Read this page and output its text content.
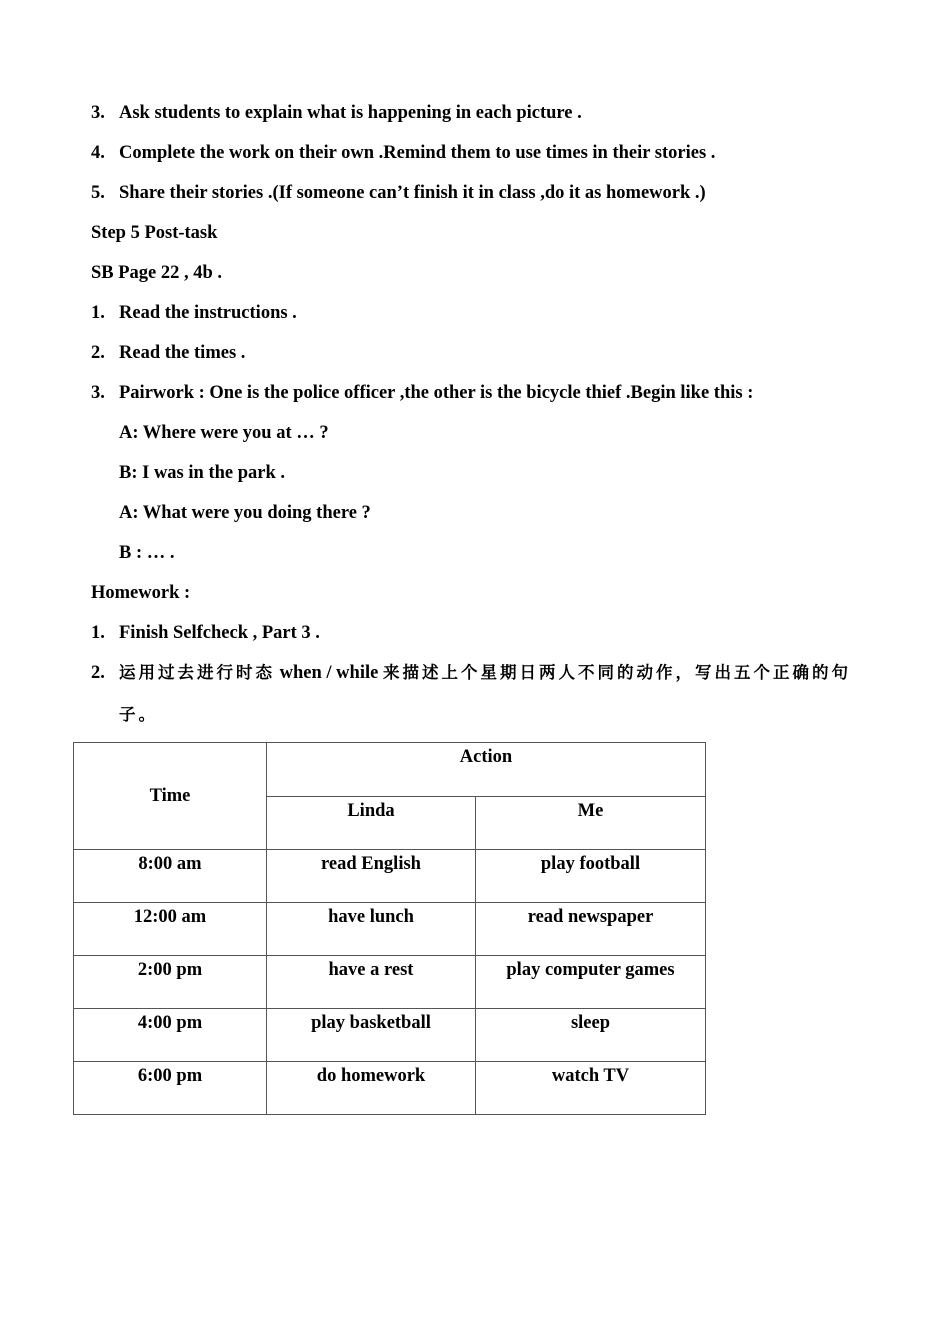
3. Ask students to explain what is happening in each picture .
4. Complete the work on their own .Remind them to use times in their stories .
5. Share their stories .(If someone can’t finish it in class ,do it as homework .)
Step 5 Post-task
SB Page 22 , 4b .
1. Read the instructions .
2. Read the times .
3. Pairwork : One is the police officer ,the other is the bicycle thief .Begin like this :
A: Where were you at … ?
B: I was in the park .
A: What were you doing there ?
B : … .
Homework :
1. Finish Selfcheck , Part 3 .
2. 运用过去进行时态 when / while 来描述上个星期日两人不同的动作，写出五个正确的句
子。
Time	Action	
	Linda	Me
8:00 am	read English	play football
12:00 am	have lunch	read newspaper
2:00 pm	have a rest	play computer games
4:00 pm	play basketball	sleep
6:00 pm	do homework	watch TV
